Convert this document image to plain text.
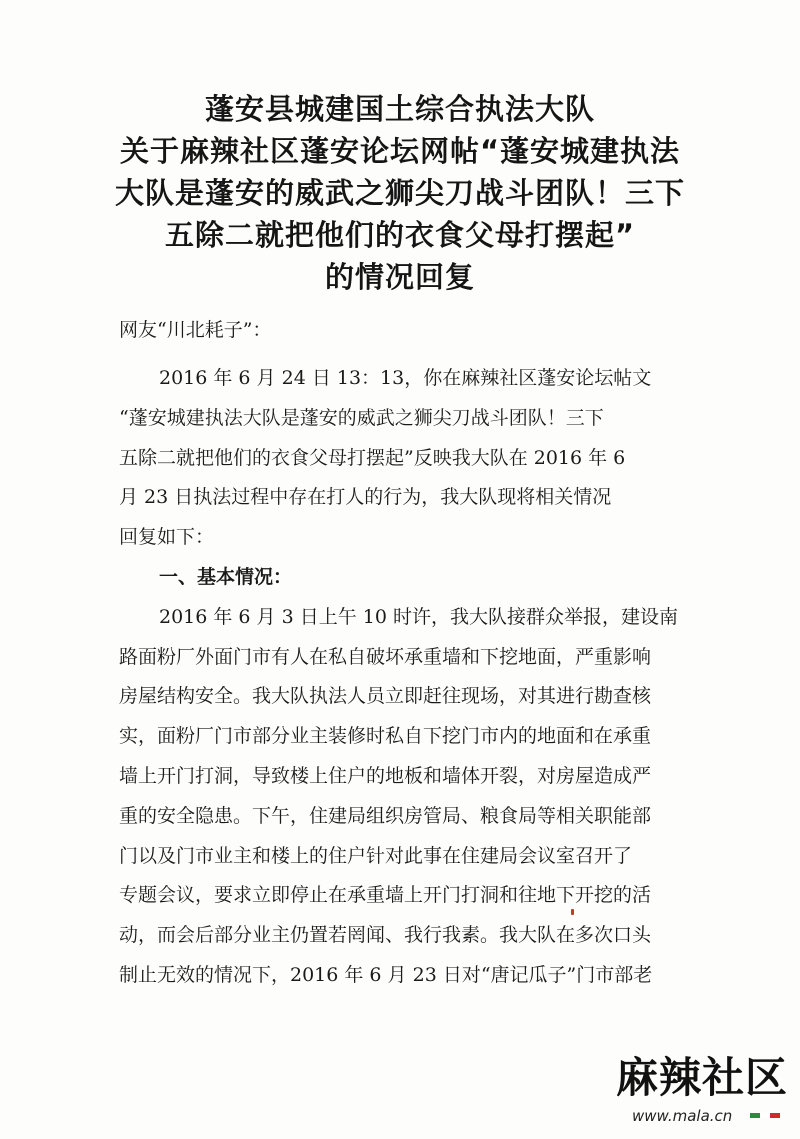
蓬安县城建国土综合执法大队
关于麻辣社区蓬安论坛网帖“蓬安城建执法
大队是蓬安的威武之狮尖刀战斗团队！三下
五除二就把他们的衣食父母打摆起”
的情况回复
网友“川北耗子”：
2016 年 6 月 24 日 13：13，你在麻辣社区蓬安论坛帖文
“蓬安城建执法大队是蓬安的威武之狮尖刀战斗团队！三下
五除二就把他们的衣食父母打摆起”反映我大队在 2016 年 6
月 23 日执法过程中存在打人的行为，我大队现将相关情况
回复如下：
一、基本情况：
2016 年 6 月 3 日上午 10 时许，我大队接群众举报，建设南
路面粉厂外面门市有人在私自破坏承重墙和下挖地面，严重影响
房屋结构安全。我大队执法人员立即赶往现场，对其进行勘查核
实，面粉厂门市部分业主装修时私自下挖门市内的地面和在承重
墙上开门打洞，导致楼上住户的地板和墙体开裂，对房屋造成严
重的安全隐患。下午，住建局组织房管局、粮食局等相关职能部
门以及门市业主和楼上的住户针对此事在住建局会议室召开了
专题会议，要求立即停止在承重墙上开门打洞和往地下开挖的活
动，而会后部分业主仍置若罔闻、我行我素。我大队在多次口头
制止无效的情况下，2016 年 6 月 23 日对“唐记瓜子”门市部老
麻辣社区
www.mala.cn
